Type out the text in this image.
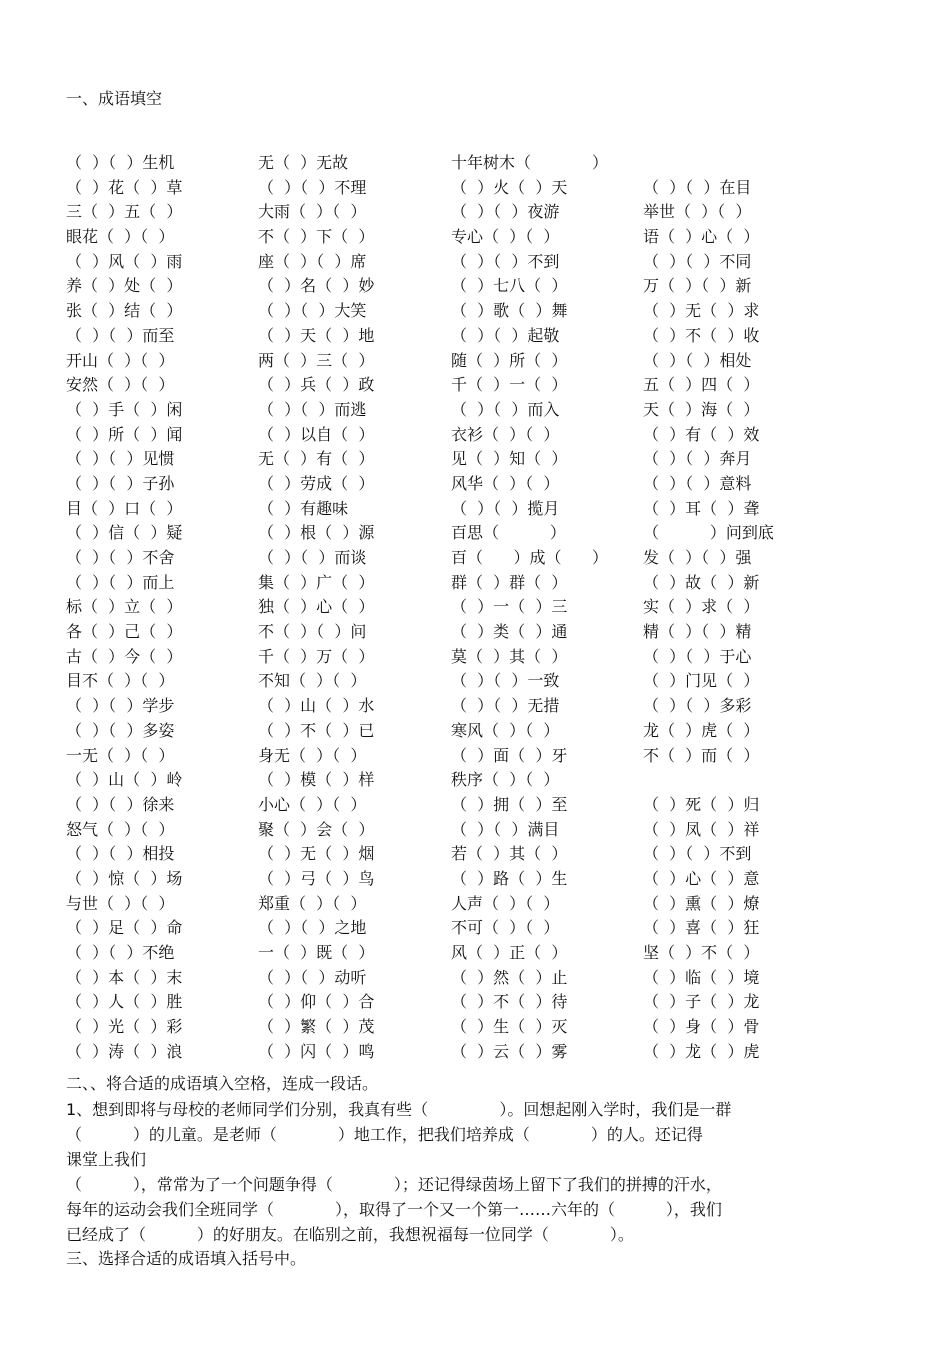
一、成语填空
（  ）（  ）生机	无（  ）无故	十年树木（            ）
（  ）花（  ）草	（  ）（  ）不理	（  ）火（  ）天	（  ）（  ）在目
三（  ）五（  ）	大雨（  ）（  ）	（  ）（  ）夜游	举世（  ）（  ）
眼花（  ）（  ）	不（  ）下（  ）	专心（  ）（  ）	语（  ）心（  ）
（  ）风（  ）雨	座（  ）（  ）席	（  ）（  ）不到	（  ）（  ）不同
养（  ）处（  ）	（  ）名（  ）妙	（  ）七八（  ）	万（  ）（  ）新
张（  ）结（  ）	（  ）（  ）大笑	（  ）歌（  ）舞	（  ）无（  ）求
（  ）（  ）而至	（  ）天（  ）地	（  ）（  ）起敬	（  ）不（  ）收
开山（  ）（  ）	两（  ）三（  ）	随（  ）所（  ）	（  ）（  ）相处
安然（  ）（  ）	（  ）兵（  ）政	千（  ）一（  ）	五（  ）四（  ）
（  ）手（  ）闲	（  ）（  ）而逃	（  ）（  ）而入	天（  ）海（  ）
（  ）所（  ）闻	（  ）以自（  ）	衣衫（  ）（  ）	（  ）有（  ）效
（  ）（  ）见惯	无（  ）有（  ）	见（  ）知（  ）	（  ）（  ）奔月
（  ）（  ）子孙	（  ）劳成（  ）	风华（  ）（  ）	（  ）（  ）意料
目（  ）口（  ）	（  ）有趣味	（  ）（  ）揽月	（  ）耳（  ）聋
（  ）信（  ）疑	（  ）根（  ）源	百思（          ）	（          ）问到底
（  ）（  ）不舍	（  ）（  ）而谈	百（      ）成（      ） 发（  ）（  ）强
（  ）（  ）而上	集（  ）广（  ）	群（  ）群（  ）	（  ）故（  ）新
标（  ）立（  ）	独（  ）心（  ）	（  ）一（  ）三	实（  ）求（  ）
各（  ）己（  ）	不（  ）（  ）问	（  ）类（  ）通	精（  ）（  ）精
古（  ）今（  ）	千（  ）万（  ）	莫（  ）其（  ）	（  ）（  ）于心
目不（  ）（  ）	不知（  ）（  ）	（  ）（  ）一致	（  ）门见（  ）
（  ）（  ）学步	（  ）山（  ）水	（  ）（  ）无措	（  ）（  ）多彩
（  ）（  ）多姿	（  ）不（  ）已	寒风（  ）（  ）	龙（  ）虎（  ）
一无（  ）（  ）	身无（  ）（  ）	（  ）面（  ）牙	不（  ）而（  ）
（  ）山（  ）岭	（  ）模（  ）样	秩序（  ）（  ）
（  ）（  ）徐来	小心（  ）（  ）	（  ）拥（  ）至	（  ）死（  ）归
怒气（  ）（  ）	聚（  ）会（  ）	（  ）（  ）满目	（  ）凤（  ）祥
（  ）（  ）相投	（  ）无（  ）烟	若（  ）其（  ）	（  ）（  ）不到
（  ）惊（  ）场	（  ）弓（  ）鸟	（  ）路（  ）生	（  ）心（  ）意
与世（  ）（  ）	郑重（  ）（  ）	人声（  ）（  ）	（  ）熏（  ）燎
（  ）足（  ）命	（  ）（  ）之地	不可（  ）（  ）	（  ）喜（  ）狂
（  ）（  ）不绝	一（  ）既（  ）	风（  ）正（  ）	坚（  ）不（  ）
（  ）本（  ）末	（  ）（  ）动听	（  ）然（  ）止	（  ）临（  ）境
（  ）人（  ）胜	（  ）仰（  ）合	（  ）不（  ）待	（  ）子（  ）龙
（  ）光（  ）彩	（  ）繁（  ）茂	（  ）生（  ）灭	（  ）身（  ）骨
（  ）涛（  ）浪	（  ）闪（  ）鸣	（  ）云（  ）雾	（  ）龙（  ）虎
二、、将合适的成语填入空格，连成一段话。
1、想到即将与母校的老师同学们分别，我真有些（              ）。回想起刚入学时，我们是一群
（          ）的儿童。是老师（            ）地工作，把我们培养成（            ）的人。还记得
课堂上我们
（          ），常常为了一个问题争得（            ）；还记得绿茵场上留下了我们的拼搏的汗水，
每年的运动会我们全班同学（            ），取得了一个又一个第一……六年的（          ），我们
已经成了（          ）的好朋友。在临别之前，我想祝福每一位同学（            ）。
三、选择合适的成语填入括号中。
